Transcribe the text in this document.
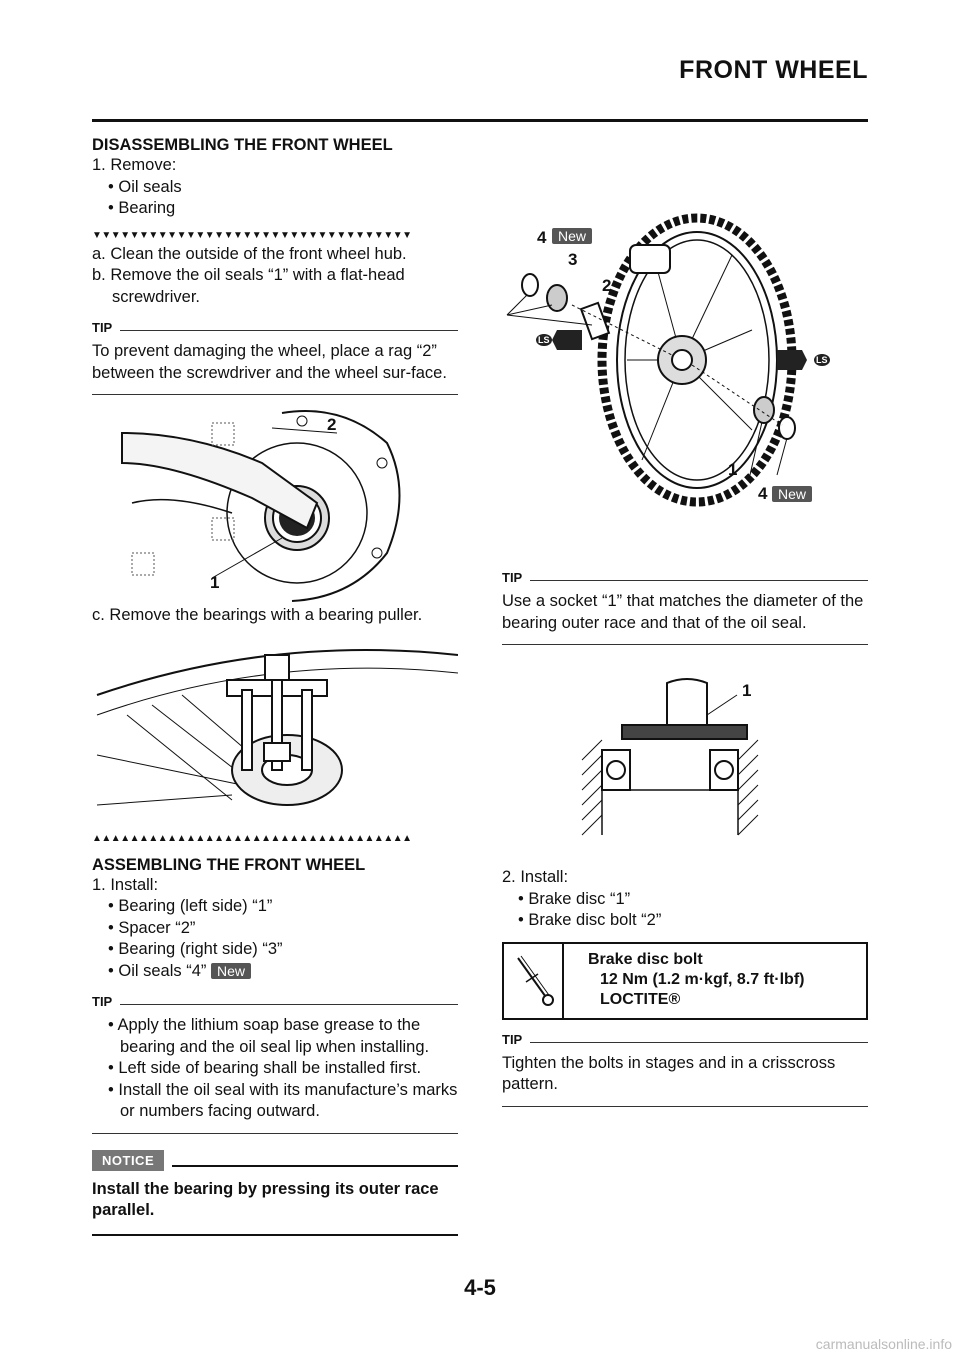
FRONT WHEEL
DISASSEMBLING THE FRONT WHEEL
1. Remove:
• Oil seals
• Bearing
▼▼▼▼▼▼▼▼▼▼▼▼▼▼▼▼▼▼▼▼▼▼▼▼▼▼▼▼▼▼▼▼▼▼
a. Clean the outside of the front wheel hub.
b. Remove the oil seals “1” with a flat-head screwdriver.
TIP
To prevent damaging the wheel, place a rag “2” between the screwdriver and the wheel sur-face.
2
1
c. Remove the bearings with a bearing puller.
▲▲▲▲▲▲▲▲▲▲▲▲▲▲▲▲▲▲▲▲▲▲▲▲▲▲▲▲▲▲▲▲▲▲
ASSEMBLING THE FRONT WHEEL
1. Install:
• Bearing (left side) “1”
• Spacer “2”
• Bearing (right side) “3”
• Oil seals “4” New
TIP
• Apply the lithium soap base grease to the bearing and the oil seal lip when installing.
• Left side of bearing shall be installed first.
• Install the oil seal with its manufacture’s marks or numbers facing outward.
NOTICE
Install the bearing by pressing its outer race parallel.
4 New
3
2
LS
LS
1
4 New
TIP
Use a socket “1” that matches the diameter of the bearing outer race and that of the oil seal.
1
2. Install:
• Brake disc “1”
• Brake disc bolt “2”
Brake disc bolt
12 Nm (1.2 m·kgf, 8.7 ft·lbf)
LOCTITE®
TIP
Tighten the bolts in stages and in a crisscross pattern.
4-5
carmanualsonline.info
